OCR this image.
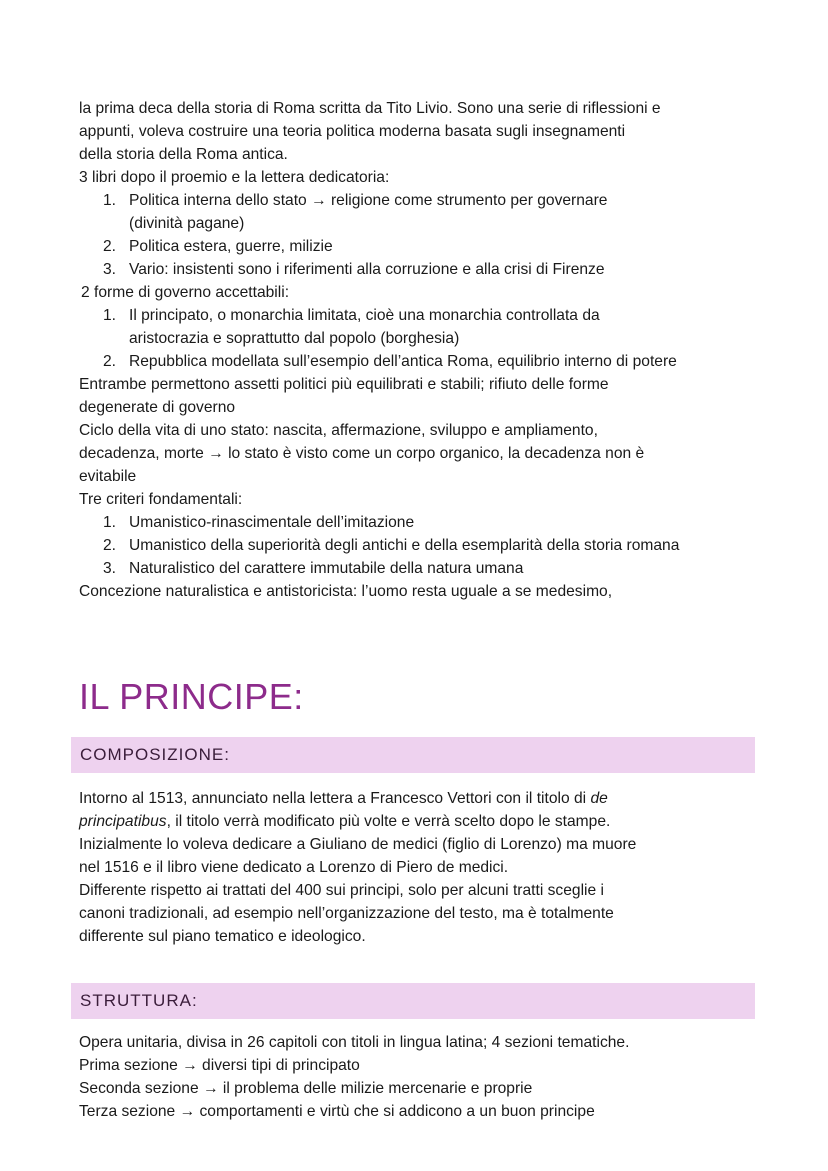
la prima deca della storia di Roma scritta da Tito Livio. Sono una serie di riflessioni e

appunti, voleva costruire una teoria politica moderna basata sugli insegnamenti

della storia della Roma antica.

3 libri dopo il proemio e la lettera dedicatoria:

1. Politica interna dello stato → religione come strumento per governare
(divinità pagane)
2. Politica estera, guerre, milizie
3. Vario: insistenti sono i riferimenti alla corruzione e alla crisi di Firenze

2 forme di governo accettabili:

1. Il principato, o monarchia limitata, cioè una monarchia controllata da
aristocrazia e soprattutto dal popolo (borghesia)
2. Repubblica modellata sull’esempio dell’antica Roma, equilibrio interno di potere

Entrambe permettono assetti politici più equilibrati e stabili; rifiuto delle forme

degenerate di governo

Ciclo della vita di uno stato: nascita, affermazione, sviluppo e ampliamento,

decadenza, morte → lo stato è visto come un corpo organico, la decadenza non è

evitabile

Tre criteri fondamentali:

1. Umanistico-rinascimentale dell’imitazione
2. Umanistico della superiorità degli antichi e della esemplarità della storia romana
3. Naturalistico del carattere immutabile della natura umana

Concezione naturalistica e antistoricista: l’uomo resta uguale a se medesimo,

IL PRINCIPE:
COMPOSIZIONE:

Intorno al 1513, annunciato nella lettera a Francesco Vettori con il titolo di de

principatibus, il titolo verrà modificato più volte e verrà scelto dopo le stampe.

Inizialmente lo voleva dedicare a Giuliano de medici (figlio di Lorenzo) ma muore

nel 1516 e il libro viene dedicato a Lorenzo di Piero de medici.

Differente rispetto ai trattati del 400 sui principi, solo per alcuni tratti sceglie i

canoni tradizionali, ad esempio nell’organizzazione del testo, ma è totalmente

differente sul piano tematico e ideologico.

STRUTTURA:

Opera unitaria, divisa in 26 capitoli con titoli in lingua latina; 4 sezioni tematiche.

Prima sezione → diversi tipi di principato

Seconda sezione → il problema delle milizie mercenarie e proprie

Terza sezione → comportamenti e virtù che si addicono a un buon principe
